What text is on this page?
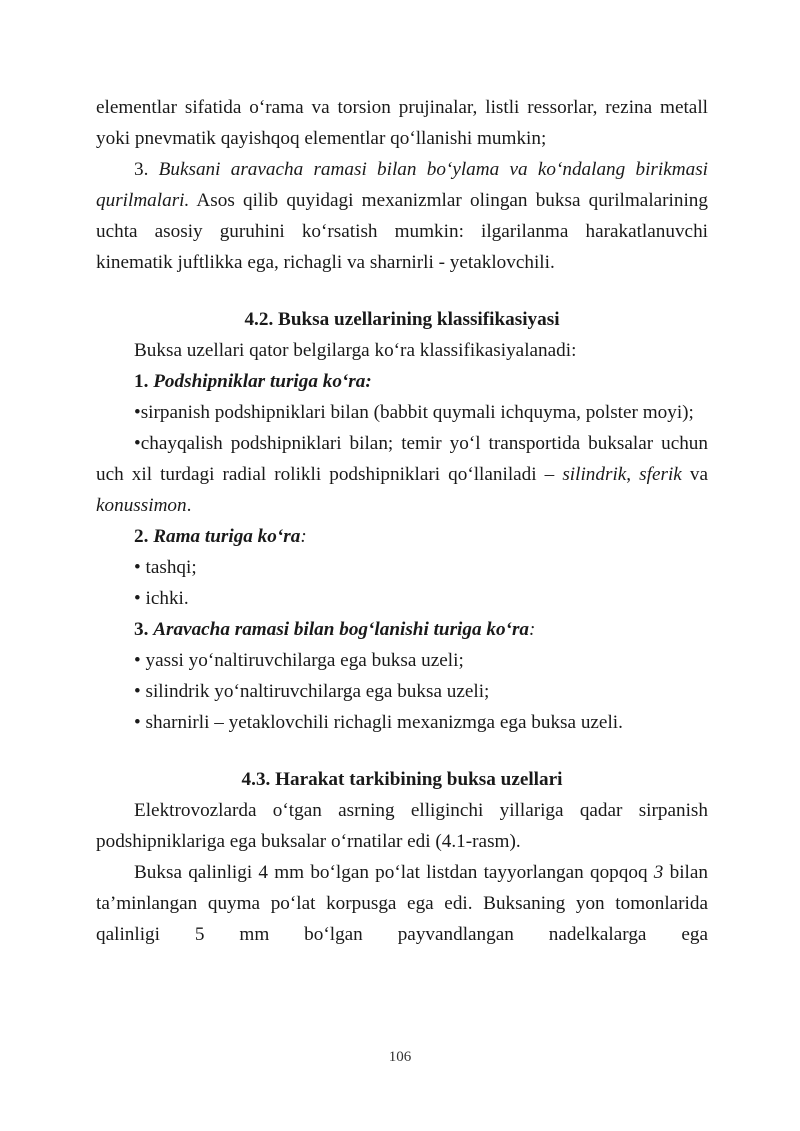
elementlar sifatida o‘rama va torsion prujinalar, listli ressorlar, rezina metall yoki pnevmatik qayishqoq elementlar qo‘llanishi mumkin;

3. Buksani aravacha ramasi bilan bo‘ylama va ko‘ndalang birikmasi qurilmalari. Asos qilib quyidagi mexanizmlar olingan buksa qurilmalarining uchta asosiy guruhini ko‘rsatish mumkin: ilgarilanma harakatlanuvchi kinematik juftlikka ega, richagli va sharnirli - yetaklovchili.

4.2. Buksa uzellarining klassifikasiyasi

Buksa uzellari qator belgilarga ko‘ra klassifikasiyalanadi:

1. Podshipniklar turiga ko‘ra:

•sirpanish podshipniklari bilan (babbit quymali ichquyma, polster moyi);

•chayqalish podshipniklari bilan; temir yo‘l transportida buksalar uchun uch xil turdagi radial rolikli podshipniklari qo‘llaniladi – silindrik, sferik va konussimon.

2. Rama turiga ko‘ra:

• tashqi;

• ichki.

3. Aravacha ramasi bilan bog‘lanishi turiga ko‘ra:

• yassi yo‘naltiruvchilarga ega buksa uzeli;

• silindrik yo‘naltiruvchilarga ega buksa uzeli;

• sharnirli – yetaklovchili richagli mexanizmga ega buksa uzeli.

4.3. Harakat tarkibining buksa uzellari

Elektrovozlarda o‘tgan asrning elliginchi yillariga qadar sirpanish podshipniklariga ega buksalar o‘rnatilar edi (4.1-rasm).

Buksa qalinligi 4 mm bo‘lgan po‘lat listdan tayyorlangan qopqoq 3 bilan ta’minlangan quyma po‘lat korpusga ega edi. Buksaning yon tomonlarida qalinligi 5 mm bo‘lgan payvandlangan nadelkalarga ega

106
